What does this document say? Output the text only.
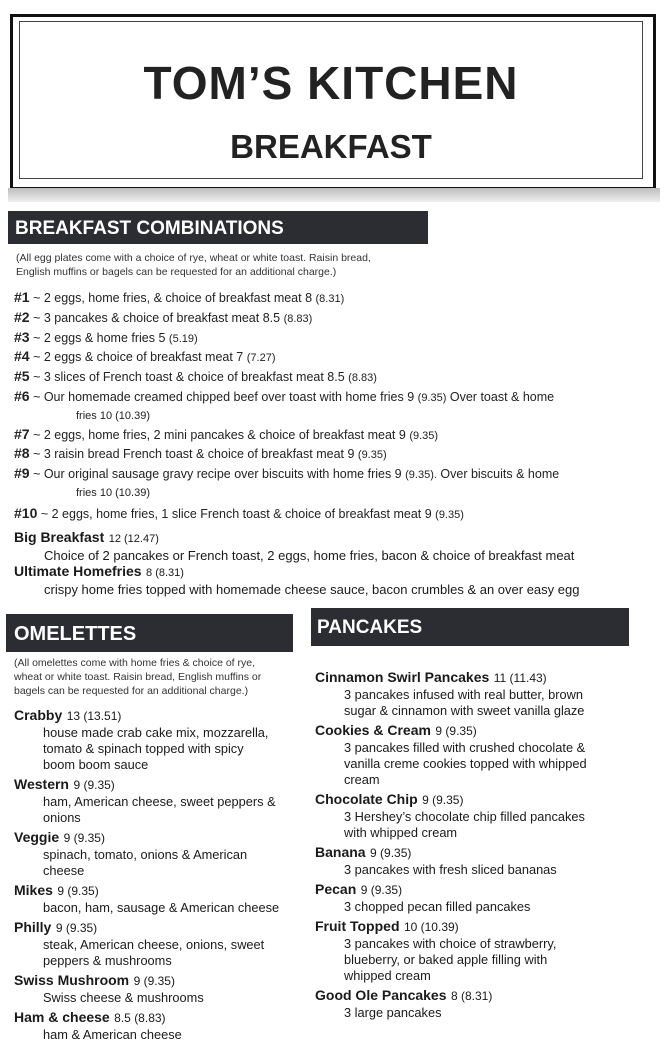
TOM’S KITCHEN
BREAKFAST
BREAKFAST COMBINATIONS
(All egg plates come with a choice of rye, wheat or white toast. Raisin bread,
English muffins or bagels can be requested for an additional charge.)
#1 ~ 2 eggs, home fries, & choice of breakfast meat 8 (8.31)
#2 ~ 3 pancakes & choice of breakfast meat 8.5 (8.83)
#3 ~ 2 eggs & home fries 5 (5.19)
#4 ~ 2 eggs & choice of breakfast meat 7 (7.27)
#5 ~ 3 slices of French toast & choice of breakfast meat 8.5 (8.83)
#6 ~ Our homemade creamed chipped beef over toast with home fries 9 (9.35) Over toast & home
fries 10 (10.39)
#7 ~ 2 eggs, home fries, 2 mini pancakes & choice of breakfast meat 9 (9.35)
#8 ~ 3 raisin bread French toast & choice of breakfast meat 9 (9.35)
#9 ~ Our original sausage gravy recipe over biscuits with home fries 9 (9.35). Over biscuits & home
fries 10 (10.39)
#10 ~ 2 eggs, home fries, 1 slice French toast & choice of breakfast meat 9 (9.35)
Big Breakfast 12 (12.47)
Choice of 2 pancakes or French toast, 2 eggs, home fries, bacon & choice of breakfast meat
Ultimate Homefries 8 (8.31)
crispy home fries topped with homemade cheese sauce, bacon crumbles & an over easy egg
OMELETTES
(All omelettes come with home fries & choice of rye,
wheat or white toast. Raisin bread, English muffins or
bagels can be requested for an additional charge.)
Crabby 13 (13.51)
house made crab cake mix, mozzarella,
tomato & spinach topped with spicy
boom boom sauce
Western 9 (9.35)
ham, American cheese, sweet peppers &
onions
Veggie 9 (9.35)
spinach, tomato, onions & American
cheese
Mikes 9 (9.35)
bacon, ham, sausage & American cheese
Philly 9 (9.35)
steak, American cheese, onions, sweet
peppers & mushrooms
Swiss Mushroom 9 (9.35)
Swiss cheese & mushrooms
Ham & cheese 8.5 (8.83)
ham & American cheese
PANCAKES
Cinnamon Swirl Pancakes 11 (11.43)
3 pancakes infused with real butter, brown
sugar & cinnamon with sweet vanilla glaze
Cookies & Cream 9 (9.35)
3 pancakes filled with crushed chocolate &
vanilla creme cookies topped with whipped
cream
Chocolate Chip 9 (9.35)
3 Hershey’s chocolate chip filled pancakes
with whipped cream
Banana 9 (9.35)
3 pancakes with fresh sliced bananas
Pecan 9 (9.35)
3 chopped pecan filled pancakes
Fruit Topped 10 (10.39)
3 pancakes with choice of strawberry,
blueberry, or baked apple filling with
whipped cream
Good Ole Pancakes 8 (8.31)
3 large pancakes
